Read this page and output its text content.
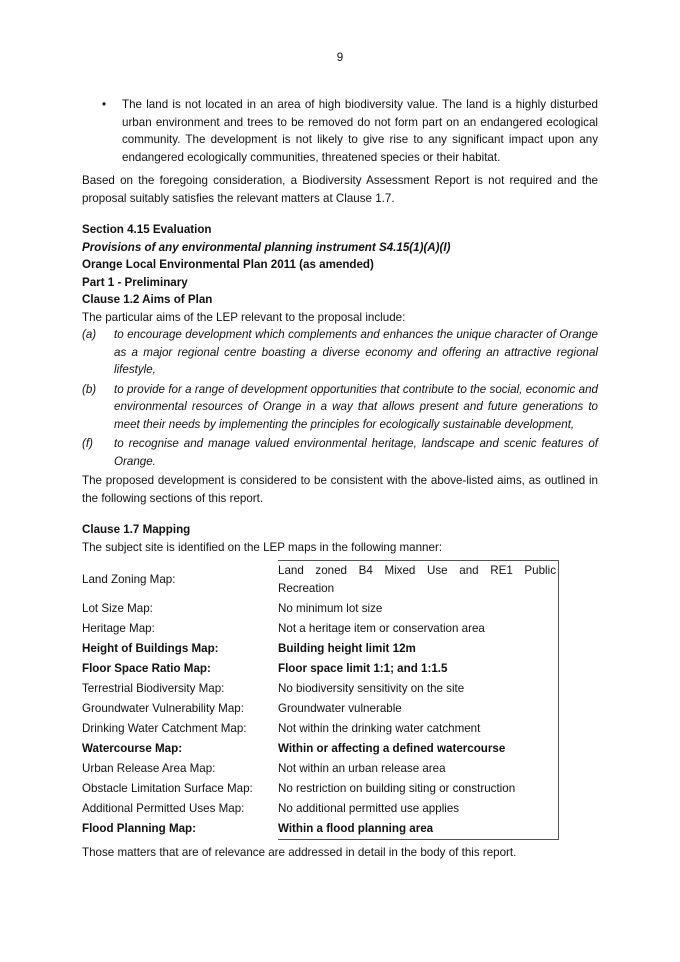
9
• The land is not located in an area of high biodiversity value. The land is a highly disturbed urban environment and trees to be removed do not form part on an endangered ecological community. The development is not likely to give rise to any significant impact upon any endangered ecologically communities, threatened species or their habitat.

Based on the foregoing consideration, a Biodiversity Assessment Report is not required and the proposal suitably satisfies the relevant matters at Clause 1.7.

Section 4.15 Evaluation

Provisions of any environmental planning instrument S4.15(1)(A)(I)

Orange Local Environmental Plan 2011 (as amended)

Part 1 - Preliminary

Clause 1.2 Aims of Plan

The particular aims of the LEP relevant to the proposal include:

(a) to encourage development which complements and enhances the unique character of Orange as a major regional centre boasting a diverse economy and offering an attractive regional lifestyle,
(b) to provide for a range of development opportunities that contribute to the social, economic and environmental resources of Orange in a way that allows present and future generations to meet their needs by implementing the principles for ecologically sustainable development,
(f) to recognise and manage valued environmental heritage, landscape and scenic features of Orange.

The proposed development is considered to be consistent with the above-listed aims, as outlined in the following sections of this report.

Clause 1.7 Mapping

The subject site is identified on the LEP maps in the following manner:

Land Zoning Map:	Land zoned B4 Mixed Use and RE1 Public Recreation
Lot Size Map:	No minimum lot size
Heritage Map:	Not a heritage item or conservation area
Height of Buildings Map:	Building height limit 12m
Floor Space Ratio Map:	Floor space limit 1:1; and 1:1.5
Terrestrial Biodiversity Map:	No biodiversity sensitivity on the site
Groundwater Vulnerability Map:	Groundwater vulnerable
Drinking Water Catchment Map:	Not within the drinking water catchment
Watercourse Map:	Within or affecting a defined watercourse
Urban Release Area Map:	Not within an urban release area
Obstacle Limitation Surface Map:	No restriction on building siting or construction
Additional Permitted Uses Map:	No additional permitted use applies
Flood Planning Map:	Within a flood planning area

Those matters that are of relevance are addressed in detail in the body of this report.
